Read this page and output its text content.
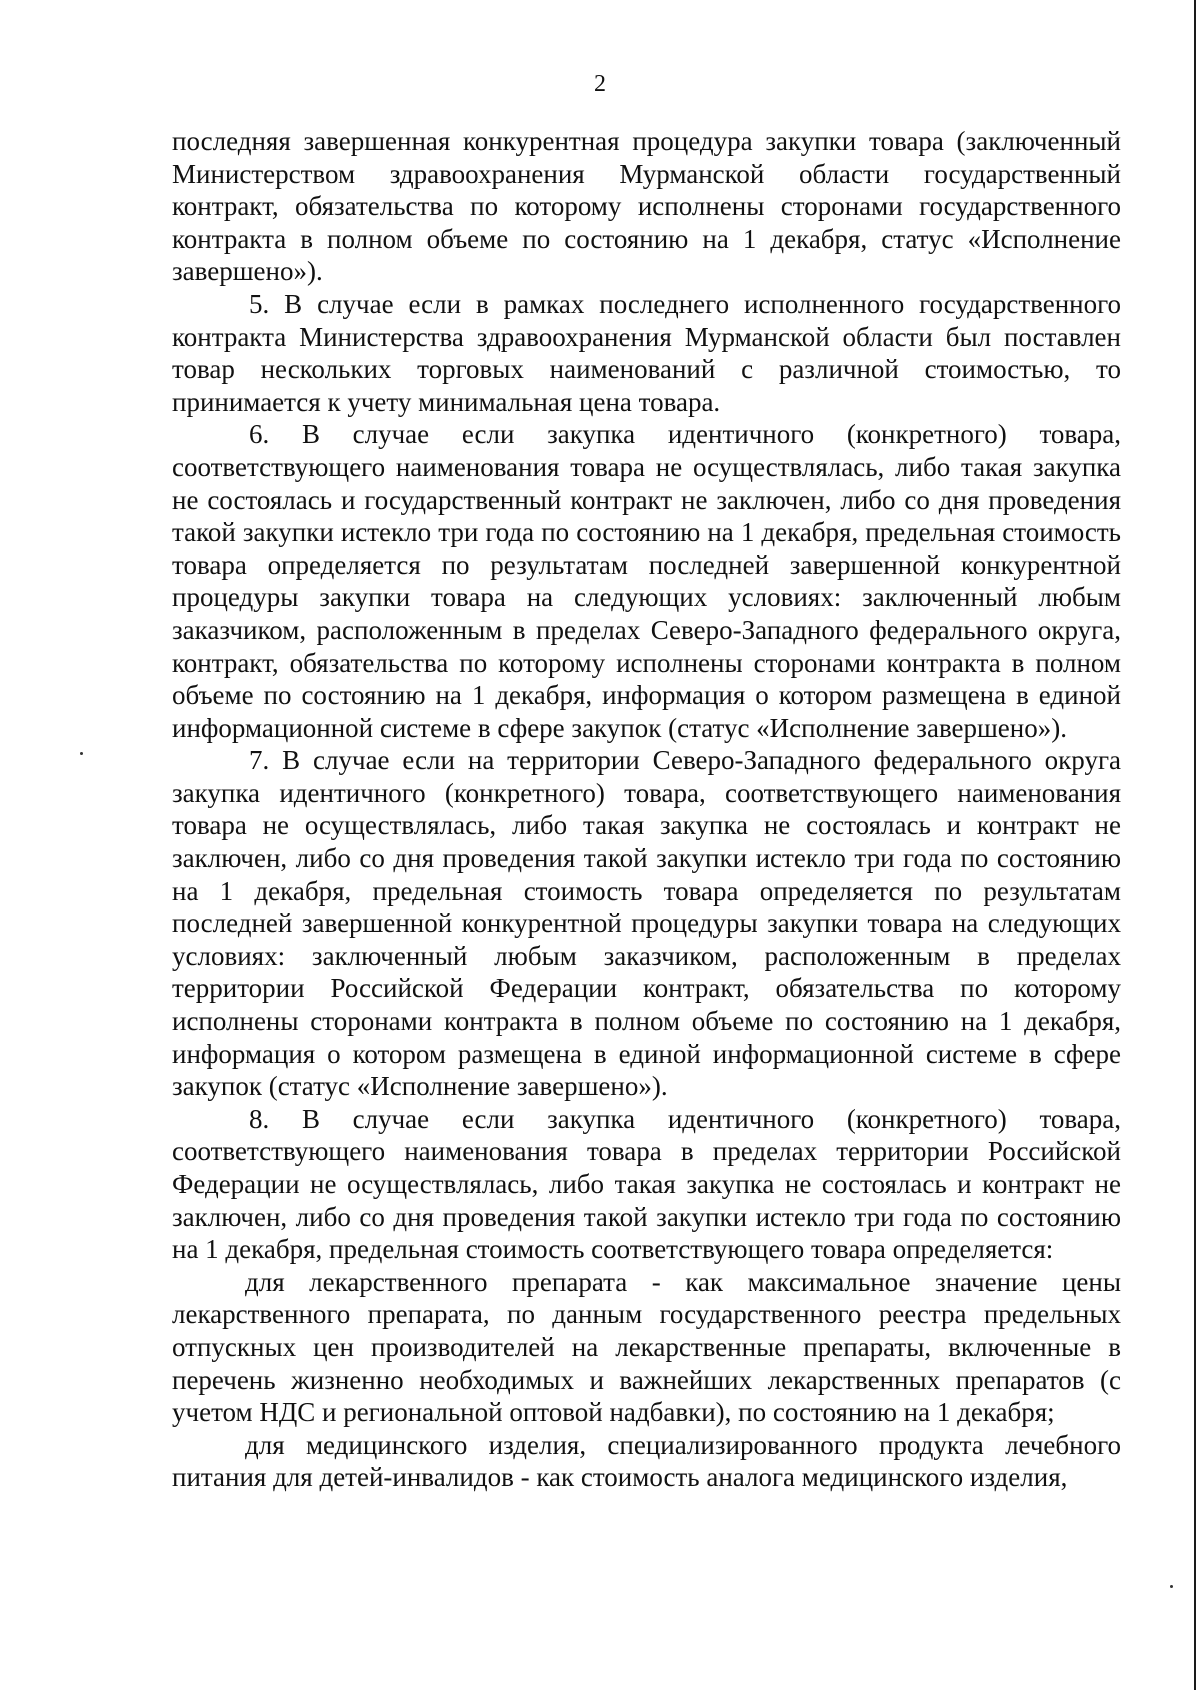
2

последняя завершенная конкурентная процедура закупки товара (заключенный Министерством здравоохранения Мурманской области государственный контракт, обязательства по которому исполнены сторонами государственного контракта в полном объеме по состоянию на 1 декабря, статус «Исполнение завершено»).

5. В случае если в рамках последнего исполненного государственного контракта Министерства здравоохранения Мурманской области был поставлен товар нескольких торговых наименований с различной стоимостью, то принимается к учету минимальная цена товара.

6. В случае если закупка идентичного (конкретного) товара, соответствующего наименования товара не осуществлялась, либо такая закупка не состоялась и государственный контракт не заключен, либо со дня проведения такой закупки истекло три года по состоянию на 1 декабря, предельная стоимость товара определяется по результатам последней завершенной конкурентной процедуры закупки товара на следующих условиях: заключенный любым заказчиком, расположенным в пределах Северо-Западного федерального округа, контракт, обязательства по которому исполнены сторонами контракта в полном объеме по состоянию на 1 декабря, информация о котором размещена в единой информационной системе в сфере закупок (статус «Исполнение завершено»).

7. В случае если на территории Северо-Западного федерального округа закупка идентичного (конкретного) товара, соответствующего наименования товара не осуществлялась, либо такая закупка не состоялась и контракт не заключен, либо со дня проведения такой закупки истекло три года по состоянию на 1 декабря, предельная стоимость товара определяется по результатам последней завершенной конкурентной процедуры закупки товара на следующих условиях: заключенный любым заказчиком, расположенным в пределах территории Российской Федерации контракт, обязательства по которому исполнены сторонами контракта в полном объеме по состоянию на 1 декабря, информация о котором размещена в единой информационной системе в сфере закупок (статус «Исполнение завершено»).

8. В случае если закупка идентичного (конкретного) товара, соответствующего наименования товара в пределах территории Российской Федерации не осуществлялась, либо такая закупка не состоялась и контракт не заключен, либо со дня проведения такой закупки истекло три года по состоянию на 1 декабря, предельная стоимость соответствующего товара определяется:

для лекарственного препарата - как максимальное значение цены лекарственного препарата, по данным государственного реестра предельных отпускных цен производителей на лекарственные препараты, включенные в перечень жизненно необходимых и важнейших лекарственных препаратов (с учетом НДС и региональной оптовой надбавки), по состоянию на 1 декабря;

для медицинского изделия, специализированного продукта лечебного питания для детей-инвалидов - как стоимость аналога медицинского изделия,
